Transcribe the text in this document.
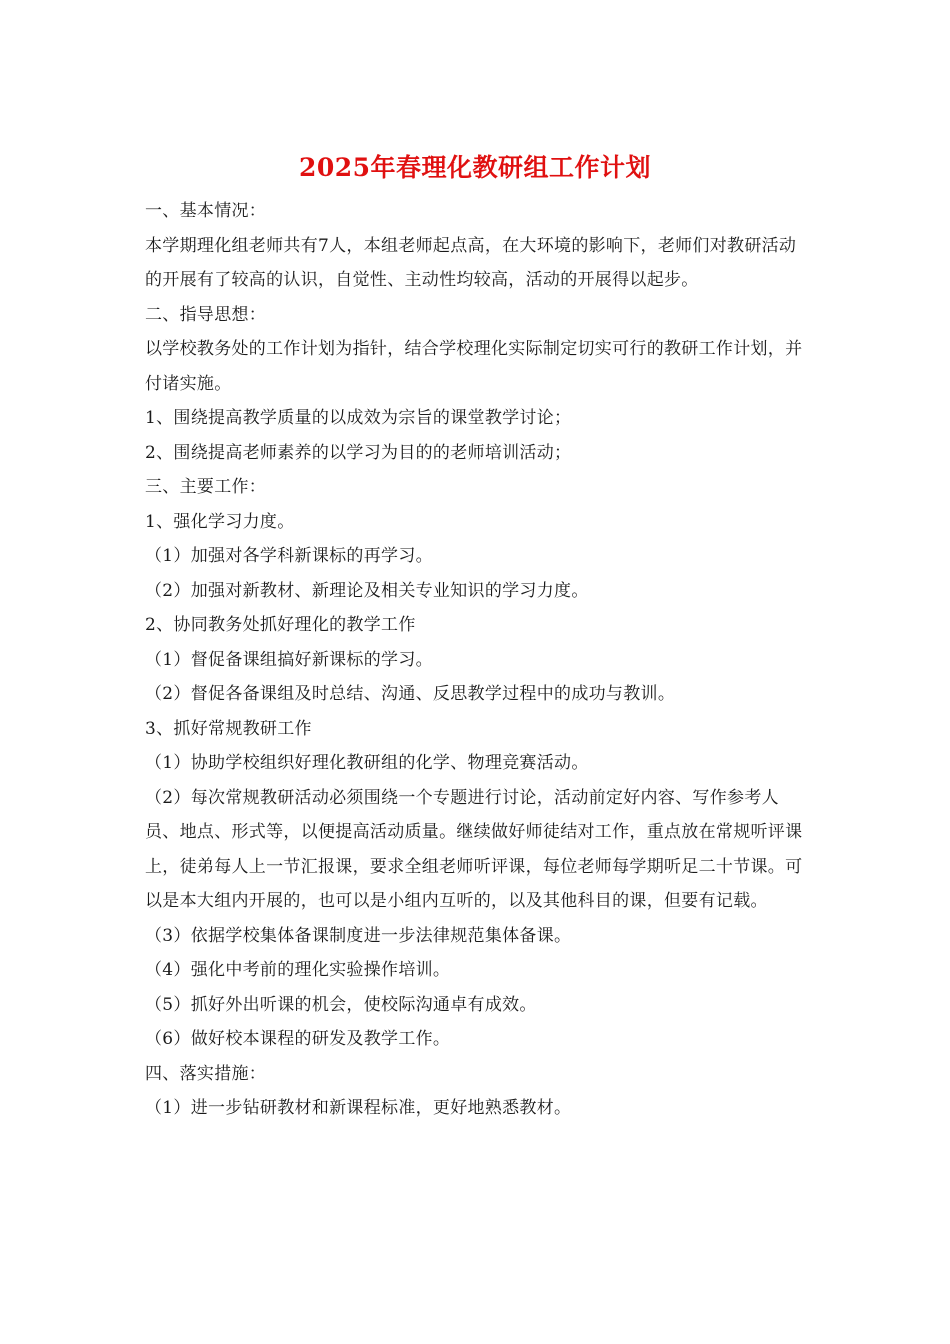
2025年春理化教研组工作计划

一、基本情况：

本学期理化组老师共有7人，本组老师起点高，在大环境的影响下，老师们对教研活动的开展有了较高的认识，自觉性、主动性均较高，活动的开展得以起步。

二、指导思想：

以学校教务处的工作计划为指针，结合学校理化实际制定切实可行的教研工作计划，并付诸实施。

1、围绕提高教学质量的以成效为宗旨的课堂教学讨论；

2、围绕提高老师素养的以学习为目的的老师培训活动；

三、主要工作：

1、强化学习力度。

（1）加强对各学科新课标的再学习。

（2）加强对新教材、新理论及相关专业知识的学习力度。

2、协同教务处抓好理化的教学工作

（1）督促备课组搞好新课标的学习。

（2）督促各备课组及时总结、沟通、反思教学过程中的成功与教训。

3、抓好常规教研工作

（1）协助学校组织好理化教研组的化学、物理竞赛活动。

（2）每次常规教研活动必须围绕一个专题进行讨论，活动前定好内容、写作参考人员、地点、形式等，以便提高活动质量。继续做好师徒结对工作，重点放在常规听评课上，徒弟每人上一节汇报课，要求全组老师听评课，每位老师每学期听足二十节课。可以是本大组内开展的，也可以是小组内互听的，以及其他科目的课，但要有记载。

（3）依据学校集体备课制度进一步法律规范集体备课。

（4）强化中考前的理化实验操作培训。

（5）抓好外出听课的机会，使校际沟通卓有成效。

（6）做好校本课程的研发及教学工作。

四、落实措施：

（1）进一步钻研教材和新课程标准，更好地熟悉教材。
